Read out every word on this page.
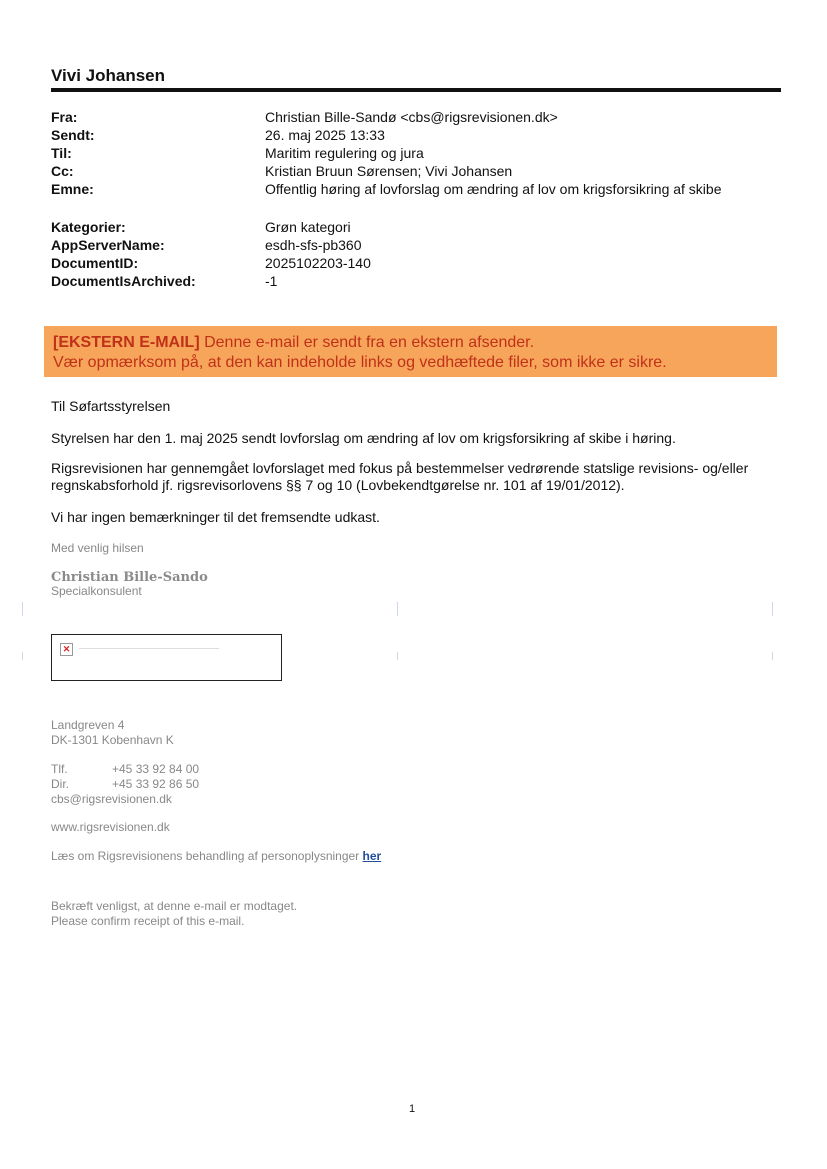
Vivi Johansen
Fra:	Christian Bille-Sandø <cbs@rigsrevisionen.dk>
Sendt:	26. maj 2025 13:33
Til:	Maritim regulering og jura
Cc:	Kristian Bruun Sørensen; Vivi Johansen
Emne:	Offentlig høring af lovforslag om ændring af lov om krigsforsikring af skibe
Kategorier:	Grøn kategori
AppServerName:	esdh-sfs-pb360
DocumentID:	2025102203-140
DocumentIsArchived:	-1
[EKSTERN E-MAIL] Denne e-mail er sendt fra en ekstern afsender.
Vær opmærksom på, at den kan indeholde links og vedhæftede filer, som ikke er sikre.
Til Søfartsstyrelsen
Styrelsen har den 1. maj 2025 sendt lovforslag om ændring af lov om krigsforsikring af skibe i høring.
Rigsrevisionen har gennemgået lovforslaget med fokus på bestemmelser vedrørende statslige revisions- og/eller regnskabsforhold jf. rigsrevisorlovens §§ 7 og 10 (Lovbekendtgørelse nr. 101 af 19/01/2012).
Vi har ingen bemærkninger til det fremsendte udkast.
Med venlig hilsen
Christian Bille-Sando
Specialkonsulent
✕
Landgreven 4
DK-1301 Kobenhavn K
Tlf.	+45 33 92 84 00
Dir.	+45 33 92 86 50
cbs@rigsrevisionen.dk
www.rigsrevisionen.dk
Læs om Rigsrevisionens behandling af personoplysninger her
Bekræft venligst, at denne e-mail er modtaget.
Please confirm receipt of this e-mail.
1
